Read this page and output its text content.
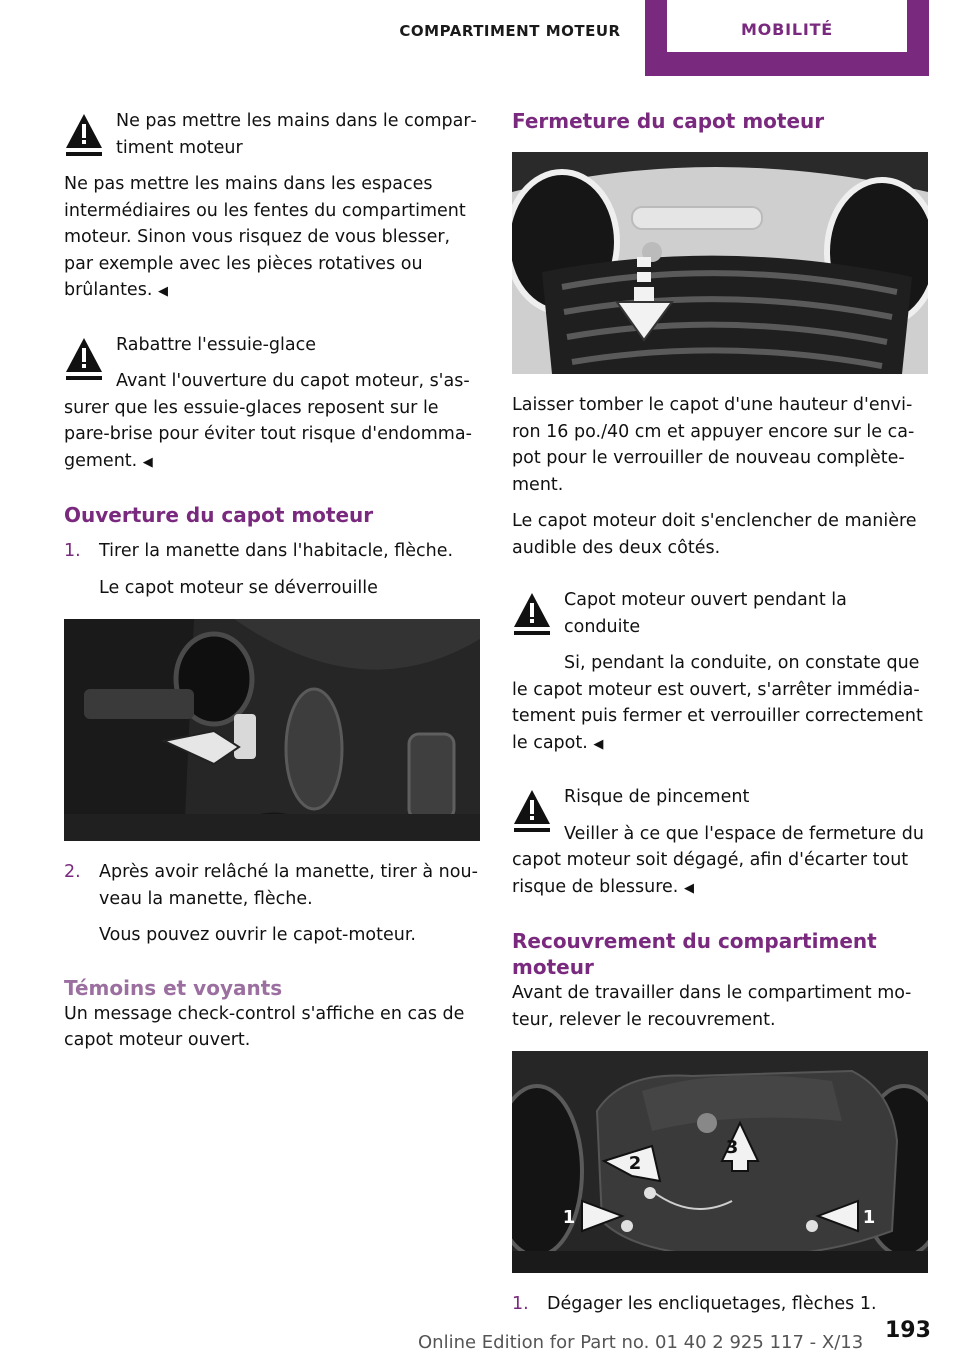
COMPARTIMENT MOTEUR	MOBILITÉ

Ne pas mettre les mains dans le compartiment moteur

Ne pas mettre les mains dans les espaces intermédiaires ou les fentes du compartiment moteur. Sinon vous risquez de vous blesser, par exemple avec les pièces rotatives ou brûlantes. ◀

Rabattre l'essuie-glace

Avant l'ouverture du capot moteur, s'assurer que les essuie-glaces reposent sur le pare-brise pour éviter tout risque d'endommagement. ◀

Ouverture du capot moteur
1. Tirer la manette dans l'habitacle, flèche.

Le capot moteur se déverrouille

2. Après avoir relâché la manette, tirer à nouveau la manette, flèche.

Vous pouvez ouvrir le capot-moteur.

Témoins et voyants

Un message check-control s'affiche en cas de capot moteur ouvert.

Fermeture du capot moteur

Laisser tomber le capot d'une hauteur d'environ 16 po./40 cm et appuyer encore sur le capot pour le verrouiller de nouveau complètement.

Le capot moteur doit s'enclencher de manière audible des deux côtés.

Capot moteur ouvert pendant la conduite

Si, pendant la conduite, on constate que le capot moteur est ouvert, s'arrêter immédiatement puis fermer et verrouiller correctement le capot. ◀

Risque de pincement

Veiller à ce que l'espace de fermeture du capot moteur soit dégagé, afin d'écarter tout risque de blessure. ◀

Recouvrement du compartiment moteur

Avant de travailler dans le compartiment moteur, relever le recouvrement.

3
2
1	1
1. Dégager les encliquetages, flèches 1.

Online Edition for Part no. 01 40 2 925 117 - X/13 193
